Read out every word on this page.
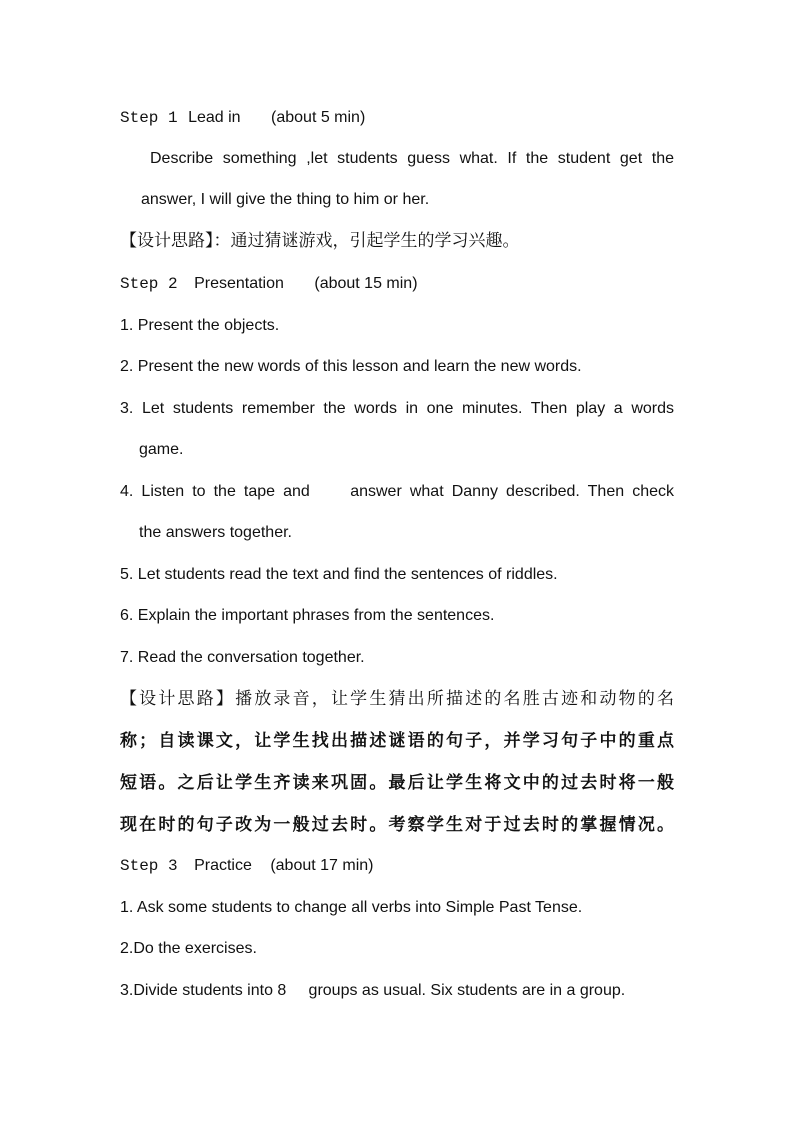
Step 1 Lead in (about 5 min)
Describe something ,let students guess what. If the student get the
answer, I will give the thing to him or her.
【设计思路】：通过猜谜游戏，引起学生的学习兴趣。
Step 2 Presentation (about 15 min)
1. Present the objects.
2. Present the new words of this lesson and learn the new words.
3. Let students remember the words in one minutes. Then play a words
game.
4. Listen to the tape and     answer what Danny described. Then check
the answers together.
5. Let students read the text and find the sentences of riddles.
6. Explain the important phrases from the sentences.
7. Read the conversation together.
【设计思路】播放录音，让学生猜出所描述的名胜古迹和动物的名
称；自读课文，让学生找出描述谜语的句子，并学习句子中的重点
短语。之后让学生齐读来巩固。最后让学生将文中的过去时将一般
现在时的句子改为一般过去时。考察学生对于过去时的掌握情况。
Step 3 Practice (about 17 min)
1. Ask some students to change all verbs into Simple Past Tense.
2.Do the exercises.
3.Divide students into 8     groups as usual. Six students are in a group.
